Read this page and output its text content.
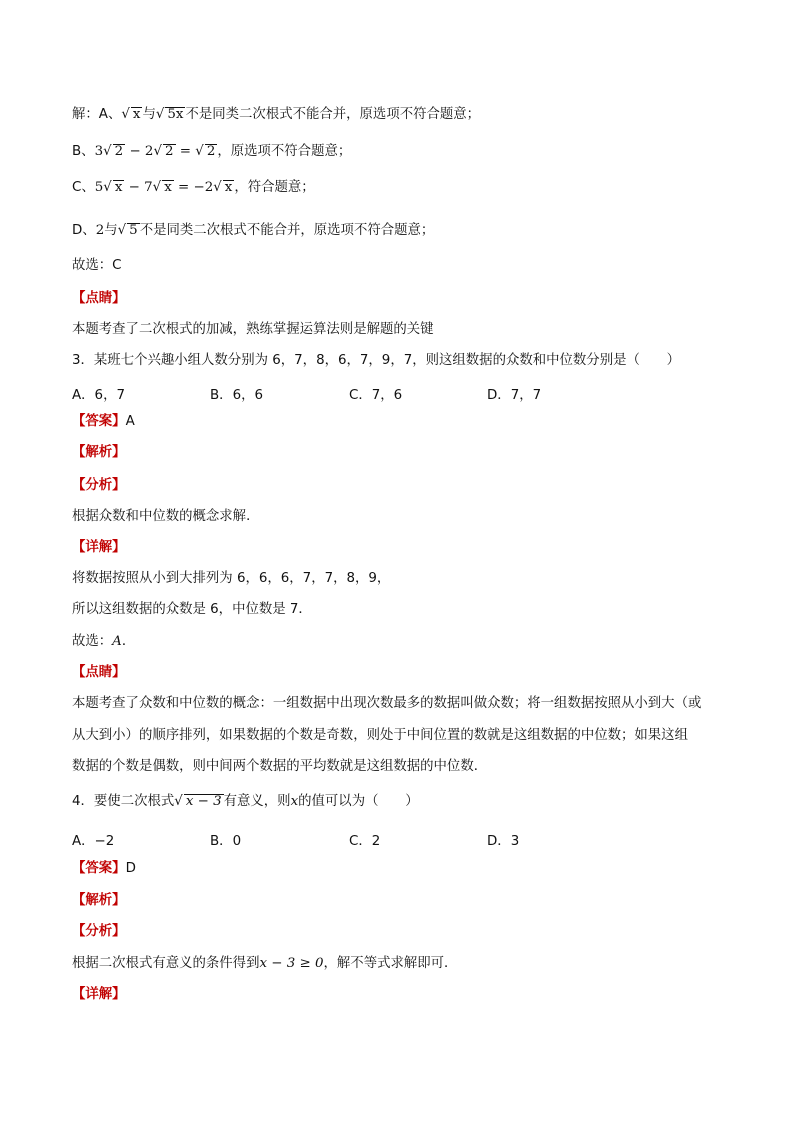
解：A、√ x 与√ 5x 不是同类二次根式不能合并，原选项不符合题意；
B、3√ 2 − 2√ 2 = √ 2 ，原选项不符合题意；
C、5√ x − 7√ x = −2√ x ，符合题意；
D、2与√ 5 不是同类二次根式不能合并，原选项不符合题意；
故选：C
【点睛】
本题考查了二次根式的加减，熟练掌握运算法则是解题的关键
3．某班七个兴趣小组人数分别为 6，7，8，6，7，9，7，则这组数据的众数和中位数分别是（　　）
A．6，7	B．6，6	C．7，6	D．7，7
【答案】A
【解析】
【分析】
根据众数和中位数的概念求解．
【详解】
将数据按照从小到大排列为 6，6，6，7，7，8，9，
所以这组数据的众数是 6，中位数是 7．
故选：A．
【点睛】
本题考查了众数和中位数的概念：一组数据中出现次数最多的数据叫做众数；将一组数据按照从小到大（或
从大到小）的顺序排列，如果数据的个数是奇数，则处于中间位置的数就是这组数据的中位数；如果这组
数据的个数是偶数，则中间两个数据的平均数就是这组数据的中位数．
4．要使二次根式√ x − 3 有意义，则x的值可以为（　　）
A．−2	B．0	C．2	D．3
【答案】D
【解析】
【分析】
根据二次根式有意义的条件得到x − 3 ≥ 0，解不等式求解即可．
【详解】
